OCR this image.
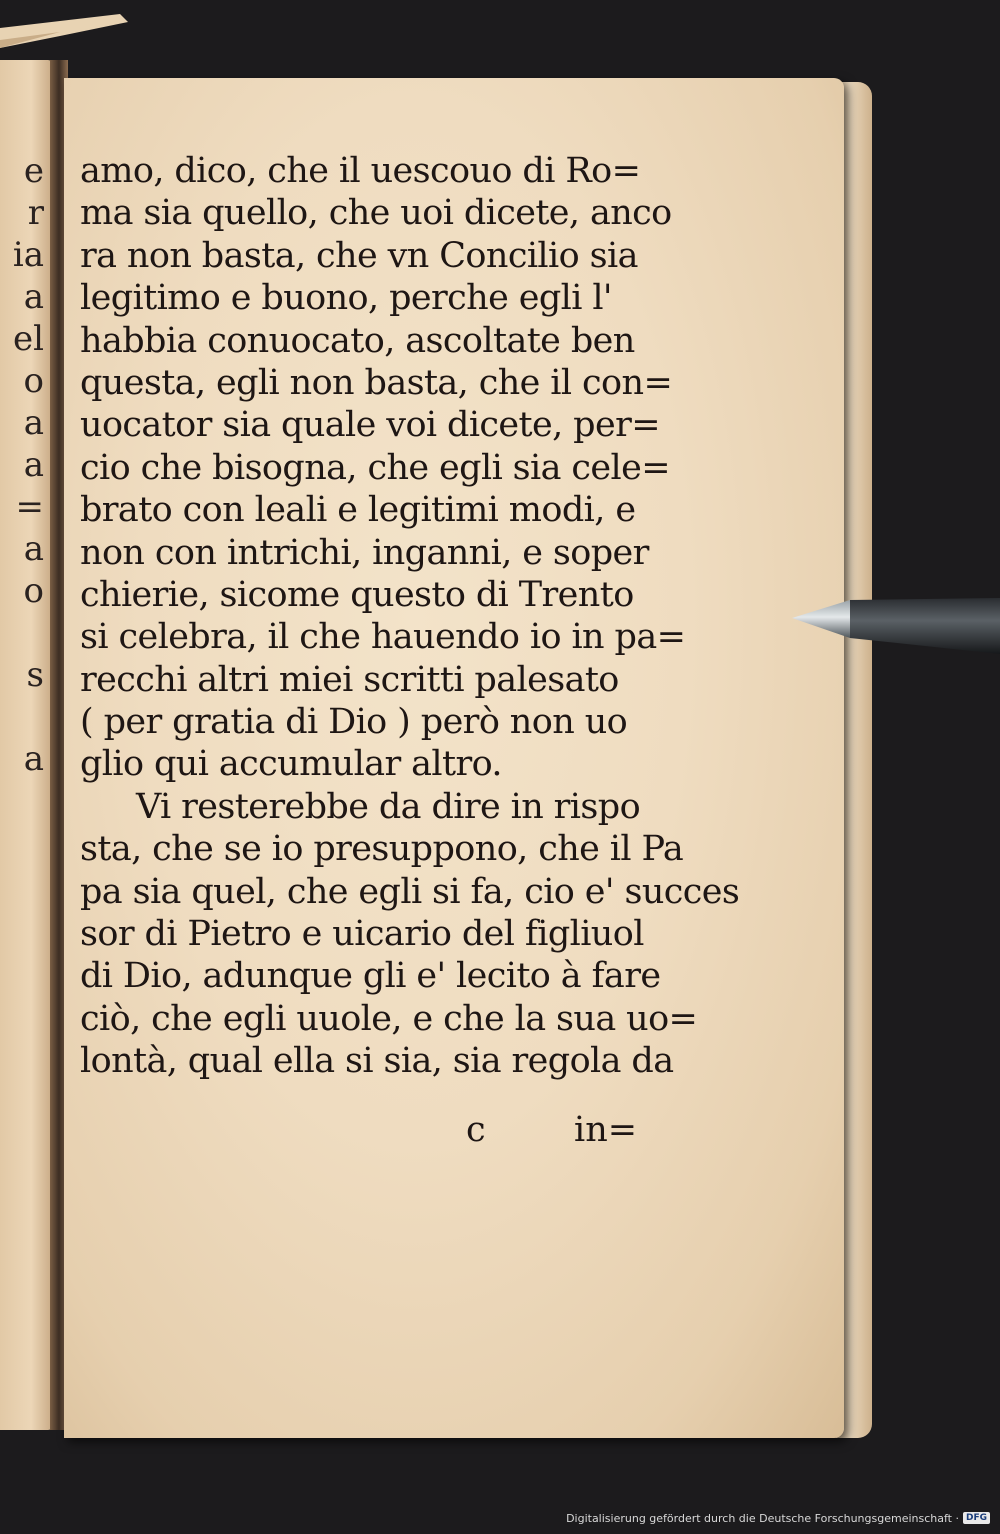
e
r
ia
a
el
o
a
a
=
a
o
s
a
amo, dico, che il uescouo di Ro=
ma sia quello, che uoi dicete, anco
ra non basta, che vn Concilio sia
legitimo e buono, perche egli l'
habbia conuocato, ascoltate ben
questa, egli non basta, che il con=
uocator sia quale voi dicete, per=
cio che bisogna, che egli sia cele=
brato con leali e legitimi modi, e
non con intrichi, inganni, e soper
chierie, sicome questo di Trento
si celebra, il che hauendo io in pa=
recchi altri miei scritti palesato
( per gratia di Dio ) però non uo
glio qui accumular altro.
Vi resterebbe da dire in rispo
sta, che se io presuppono, che il Pa
pa sia quel, che egli si fa, cio e' succes
sor di Pietro e uicario del figliuol
di Dio, adunque gli e' lecito à fare
ciò, che egli uuole, e che la sua uo=
lontà, qual ella si sia, sia regola da
c	in=
Digitalisierung gefördert durch die Deutsche Forschungsgemeinschaft · DFG
